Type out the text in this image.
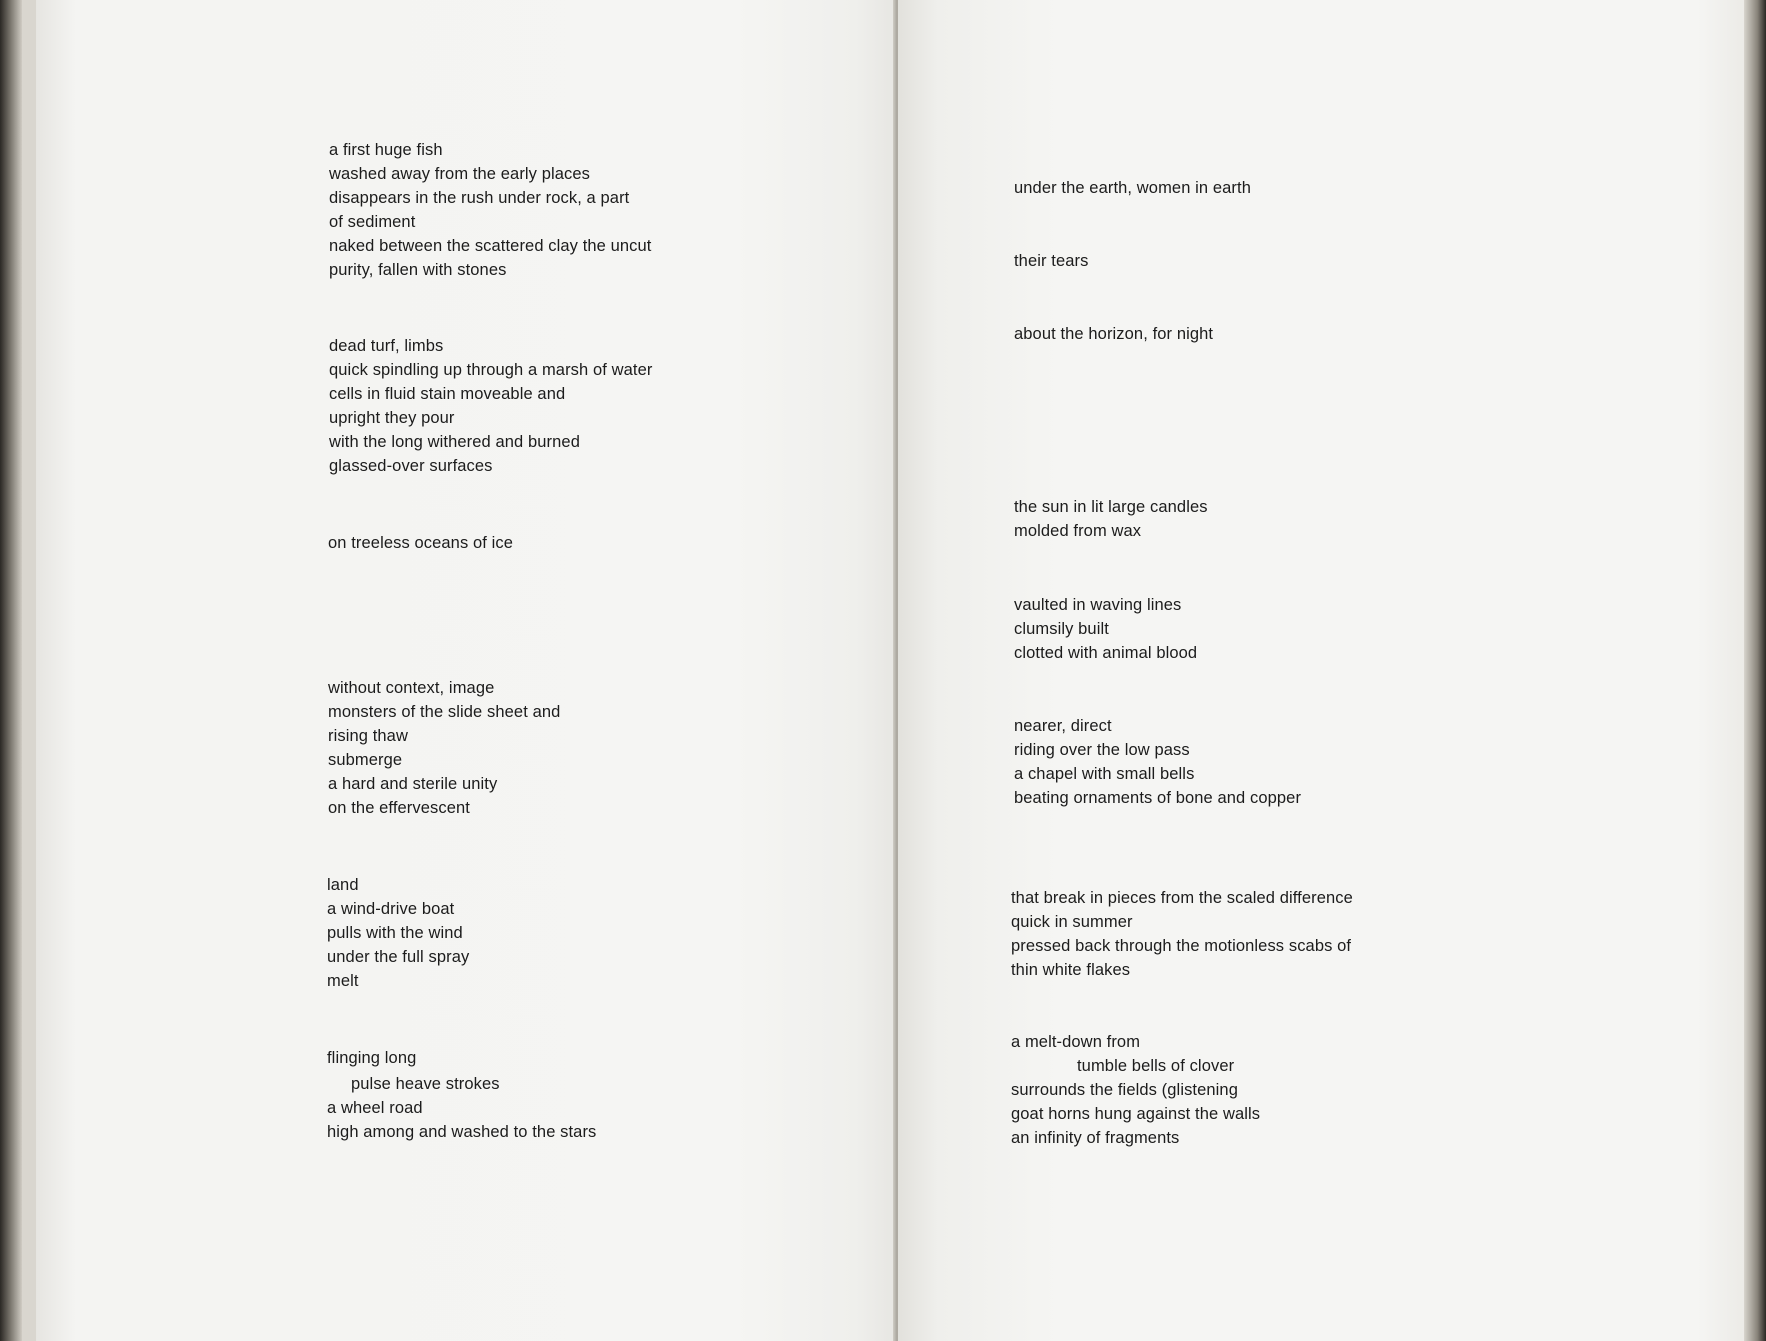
a first huge fish
washed away from the early places
disappears in the rush under rock, a part
of sediment
naked between the scattered clay the uncut
purity, fallen with stones
dead turf, limbs
quick spindling up through a marsh of water
cells in fluid stain moveable and
upright they pour
with the long withered and burned
glassed-over surfaces
on treeless oceans of ice
without context, image
monsters of the slide sheet and
rising thaw
submerge
a hard and sterile unity
on the effervescent
land
a wind-drive boat
pulls with the wind
under the full spray
melt
flinging long
pulse heave strokes
a wheel road
high among and washed to the stars
under the earth, women in earth
their tears
about the horizon, for night
the sun in lit large candles
molded from wax
vaulted in waving lines
clumsily built
clotted with animal blood
nearer, direct
riding over the low pass
a chapel with small bells
beating ornaments of bone and copper
that break in pieces from the scaled difference
quick in summer
pressed back through the motionless scabs of
thin white flakes
a melt-down from
tumble bells of clover
surrounds the fields (glistening
goat horns hung against the walls
an infinity of fragments
